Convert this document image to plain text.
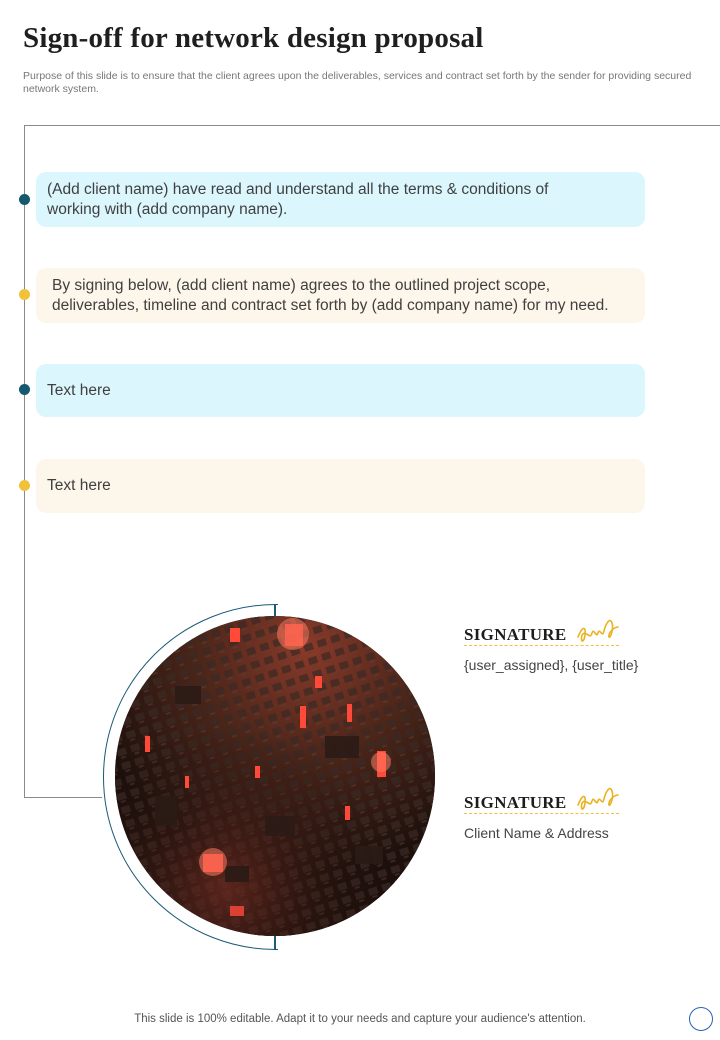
Sign-off for network design proposal
Purpose of this slide is to ensure that the client agrees upon the deliverables, services and contract set forth by the sender for providing secured network system.
(Add client name) have read and understand all the terms & conditions of working with (add company name).
By signing below, (add client name) agrees to the outlined project scope, deliverables, timeline and contract set forth by (add company name) for my need.
Text here
Text here
SIGNATURE
{user_assigned}, {user_title}
SIGNATURE
Client Name & Address
This slide is 100% editable. Adapt it to your needs and capture your audience's attention.
